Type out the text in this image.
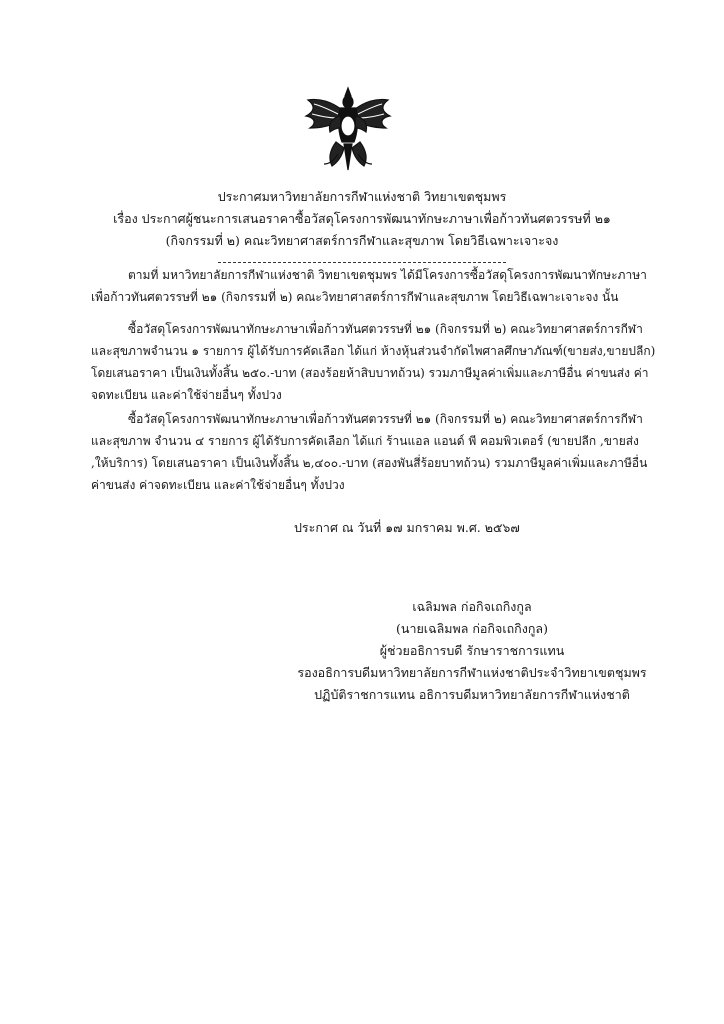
ประกาศมหาวิทยาลัยการกีฬาแห่งชาติ วิทยาเขตชุมพร
เรื่อง ประกาศผู้ชนะการเสนอราคาซื้อวัสดุโครงการพัฒนาทักษะภาษาเพื่อก้าวทันศตวรรษที่ ๒๑
(กิจกรรมที่ ๒) คณะวิทยาศาสตร์การกีฬาและสุขภาพ โดยวิธีเฉพาะเจาะจง
ตามที่ มหาวิทยาลัยการกีฬาแห่งชาติ วิทยาเขตชุมพร ได้มีโครงการซื้อวัสดุโครงการพัฒนาทักษะภาษา
เพื่อก้าวทันศตวรรษที่ ๒๑ (กิจกรรมที่ ๒) คณะวิทยาศาสตร์การกีฬาและสุขภาพ โดยวิธีเฉพาะเจาะจง นั้น
ซื้อวัสดุโครงการพัฒนาทักษะภาษาเพื่อก้าวทันศตวรรษที่ ๒๑ (กิจกรรมที่ ๒) คณะวิทยาศาสตร์การกีฬา
และสุขภาพจำนวน ๑ รายการ ผู้ได้รับการคัดเลือก ได้แก่ ห้างหุ้นส่วนจำกัดไพศาลศึกษาภัณฑ์(ขายส่ง,ขายปลีก)
โดยเสนอราคา เป็นเงินทั้งสิ้น ๒๕๐.-บาท (สองร้อยห้าสิบบาทถ้วน) รวมภาษีมูลค่าเพิ่มและภาษีอื่น ค่าขนส่ง ค่า
จดทะเบียน และค่าใช้จ่ายอื่นๆ ทั้งปวง
ซื้อวัสดุโครงการพัฒนาทักษะภาษาเพื่อก้าวทันศตวรรษที่ ๒๑ (กิจกรรมที่ ๒) คณะวิทยาศาสตร์การกีฬา
และสุขภาพ จำนวน ๔ รายการ ผู้ได้รับการคัดเลือก ได้แก่ ร้านแอล แอนด์ พี คอมพิวเตอร์ (ขายปลีก ,ขายส่ง
,ให้บริการ) โดยเสนอราคา เป็นเงินทั้งสิ้น ๒,๔๐๐.-บาท (สองพันสี่ร้อยบาทถ้วน) รวมภาษีมูลค่าเพิ่มและภาษีอื่น
ค่าขนส่ง ค่าจดทะเบียน และค่าใช้จ่ายอื่นๆ ทั้งปวง
ประกาศ ณ วันที่ ๑๗ มกราคม พ.ศ. ๒๕๖๗
เฉลิมพล ก่อกิจเถกิงกูล
(นายเฉลิมพล ก่อกิจเถกิงกูล)
ผู้ช่วยอธิการบดี รักษาราชการแทน
รองอธิการบดีมหาวิทยาลัยการกีฬาแห่งชาติประจำวิทยาเขตชุมพร
ปฏิบัติราชการแทน อธิการบดีมหาวิทยาลัยการกีฬาแห่งชาติ
